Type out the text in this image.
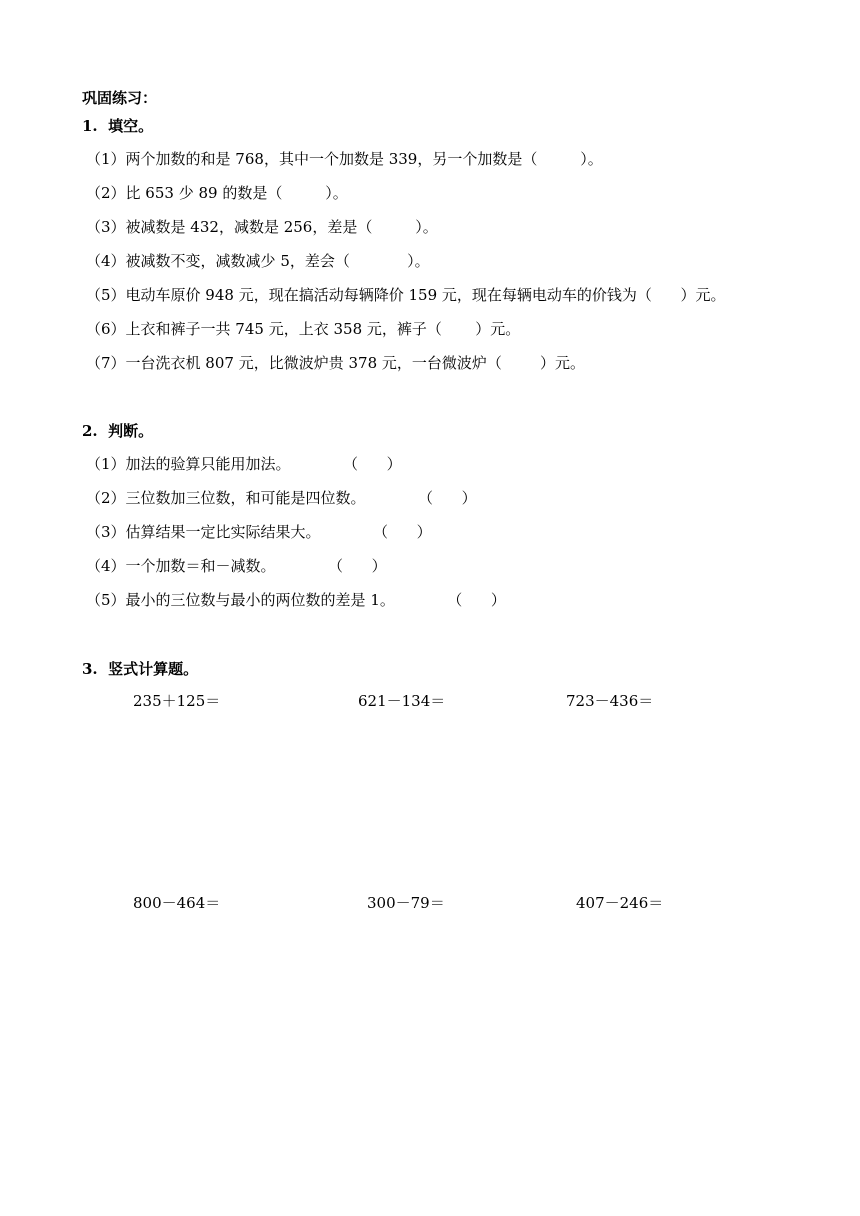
巩固练习：
1.  填空。
（1）两个加数的和是 768，其中一个加数是 339，另一个加数是（         ）。
（2）比 653 少 89 的数是（         ）。
（3）被减数是 432，减数是 256，差是（         ）。
（4）被减数不变，减数减少 5，差会（            ）。
（5）电动车原价 948 元，现在搞活动每辆降价 159 元，现在每辆电动车的价钱为（      ）元。
（6）上衣和裤子一共 745 元，上衣 358 元，裤子（       ）元。
（7）一台洗衣机 807 元，比微波炉贵 378 元，一台微波炉（        ）元。
2.  判断。
（1）加法的验算只能用加法。           （      ）
（2）三位数加三位数，和可能是四位数。           （      ）
（3）估算结果一定比实际结果大。           （      ）
（4）一个加数＝和－减数。           （      ）
（5）最小的三位数与最小的两位数的差是 1。           （      ）
3.  竖式计算题。
235＋125＝	621－134＝	723－436＝
800－464＝	300－79＝	407－246＝
